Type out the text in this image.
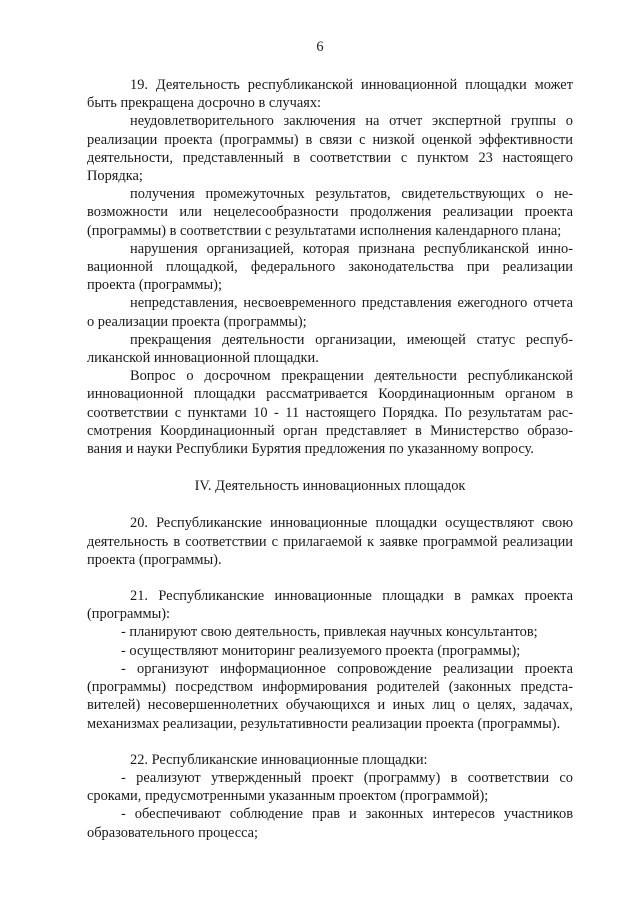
6

19. Деятельность республиканской инновационной площадки может быть прекращена досрочно в случаях:

неудовлетворительного заключения на отчет экспертной группы о реализации проекта (программы) в связи с низкой оценкой эффективности деятельности, представленный в соответствии с пунктом 23 настоящего Порядка;

получения промежуточных результатов, свидетельствующих о невозможности или нецелесообразности продолжения реализации проекта (программы) в соответствии с результатами исполнения календарного плана;

нарушения организацией, которая признана республиканской инновационной площадкой, федерального законодательства при реализации проекта (программы);

непредставления, несвоевременного представления ежегодного отчета о реализации проекта (программы);

прекращения деятельности организации, имеющей статус республиканской инновационной площадки.

Вопрос о досрочном прекращении деятельности республиканской инновационной площадки рассматривается Координационным органом в соответствии с пунктами 10 - 11 настоящего Порядка. По результатам рассмотрения Координационный орган представляет в Министерство образования и науки Республики Бурятия предложения по указанному вопросу.

IV. Деятельность инновационных площадок

20. Республиканские инновационные площадки осуществляют свою деятельность в соответствии с прилагаемой к заявке программой реализации проекта (программы).

21. Республиканские инновационные площадки в рамках проекта (программы):

- планируют свою деятельность, привлекая научных консультантов;

- осуществляют мониторинг реализуемого проекта (программы);

- организуют информационное сопровождение реализации проекта (программы) посредством информирования родителей (законных представителей) несовершеннолетних обучающихся и иных лиц о целях, задачах, механизмах реализации, результативности реализации проекта (программы).

22. Республиканские инновационные площадки:

- реализуют утвержденный проект (программу) в соответствии со сроками, предусмотренными указанным проектом (программой);

- обеспечивают соблюдение прав и законных интересов участников образовательного процесса;
